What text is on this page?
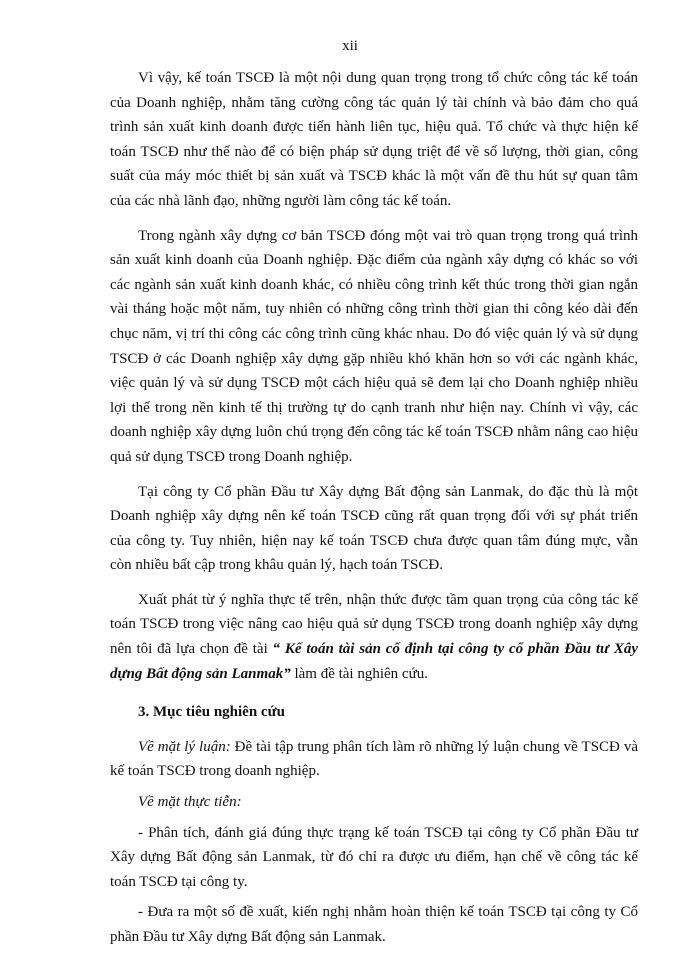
xii

Vì vậy, kế toán TSCĐ là một nội dung quan trọng trong tổ chức công tác kế toán của Doanh nghiệp, nhằm tăng cường công tác quản lý tài chính và bảo đảm cho quá trình sản xuất kinh doanh được tiến hành liên tục, hiệu quả. Tổ chức và thực hiện kế toán TSCĐ như thế nào để có biện pháp sử dụng triệt để về số lượng, thời gian, công suất của máy móc thiết bị sản xuất và TSCĐ khác là một vấn đề thu hút sự quan tâm của các nhà lãnh đạo, những người làm công tác kế toán.

Trong ngành xây dựng cơ bản TSCĐ đóng một vai trò quan trọng trong quá trình sản xuất kinh doanh của Doanh nghiệp. Đặc điểm của ngành xây dựng có khác so với các ngành sản xuất kinh doanh khác, có nhiều công trình kết thúc trong thời gian ngắn vài tháng hoặc một năm, tuy nhiên có những công trình thời gian thi công kéo dài đến chục năm, vị trí thi công các công trình cũng khác nhau. Do đó việc quản lý và sử dụng TSCĐ ở các Doanh nghiệp xây dựng gặp nhiều khó khăn hơn so với các ngành khác, việc quản lý và sử dụng TSCĐ một cách hiệu quả sẽ đem lại cho Doanh nghiệp nhiều lợi thế trong nền kinh tế thị trường tự do cạnh tranh như hiện nay. Chính vì vậy, các doanh nghiệp xây dựng luôn chú trọng đến công tác kế toán TSCĐ nhằm nâng cao hiệu quả sử dụng TSCĐ trong Doanh nghiệp.

Tại công ty Cổ phần Đầu tư Xây dựng Bất động sản Lanmak, do đặc thù là một Doanh nghiệp xây dựng nên kế toán TSCĐ cũng rất quan trọng đối với sự phát triển của công ty. Tuy nhiên, hiện nay kế toán TSCĐ chưa được quan tâm đúng mực, vẫn còn nhiều bất cập trong khâu quản lý, hạch toán TSCĐ.

Xuất phát từ ý nghĩa thực tế trên, nhận thức được tầm quan trọng của công tác kế toán TSCĐ trong việc nâng cao hiệu quả sử dụng TSCĐ trong doanh nghiệp xây dựng nên tôi đã lựa chọn đề tài “ Kế toán tài sản cố định tại công ty cổ phần Đầu tư Xây dựng Bất động sản Lanmak” làm đề tài nghiên cứu.

3. Mục tiêu nghiên cứu

Về mặt lý luận: Đề tài tập trung phân tích làm rõ những lý luận chung về TSCĐ và kế toán TSCĐ trong doanh nghiệp.

Về mặt thực tiễn:

- Phân tích, đánh giá đúng thực trạng kế toán TSCĐ tại công ty Cổ phần Đầu tư Xây dựng Bất động sản Lanmak, từ đó chỉ ra được ưu điểm, hạn chế về công tác kế toán TSCĐ tại công ty.

- Đưa ra một số đề xuất, kiến nghị nhằm hoàn thiện kế toán TSCĐ tại công ty Cổ phần Đầu tư Xây dựng Bất động sản Lanmak.
